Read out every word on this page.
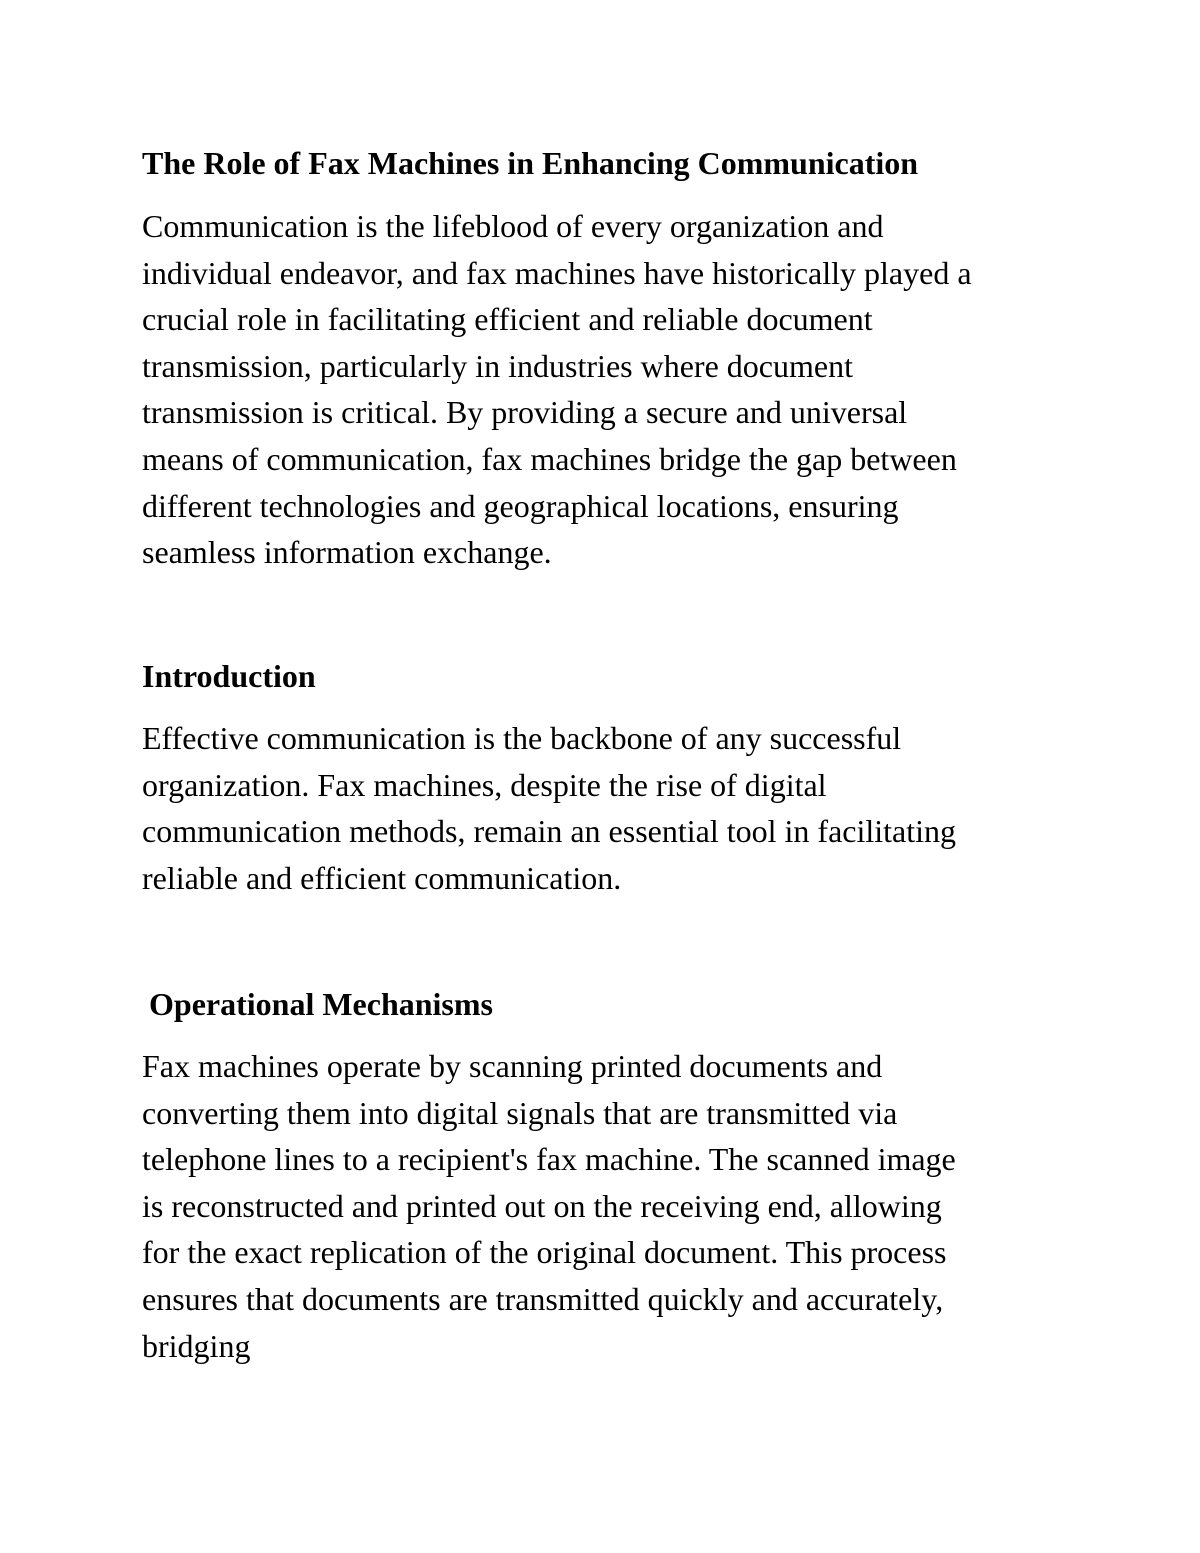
The Role of Fax Machines in Enhancing Communication

Communication is the lifeblood of every organization and
individual endeavor, and fax machines have historically played a
crucial role in facilitating efficient and reliable document
transmission, particularly in industries where document
transmission is critical. By providing a secure and universal
means of communication, fax machines bridge the gap between
different technologies and geographical locations, ensuring
seamless information exchange.

Introduction

Effective communication is the backbone of any successful
organization. Fax machines, despite the rise of digital
communication methods, remain an essential tool in facilitating
reliable and efficient communication.

Operational Mechanisms

Fax machines operate by scanning printed documents and
converting them into digital signals that are transmitted via
telephone lines to a recipient's fax machine. The scanned image
is reconstructed and printed out on the receiving end, allowing
for the exact replication of the original document. This process
ensures that documents are transmitted quickly and accurately,
bridging
